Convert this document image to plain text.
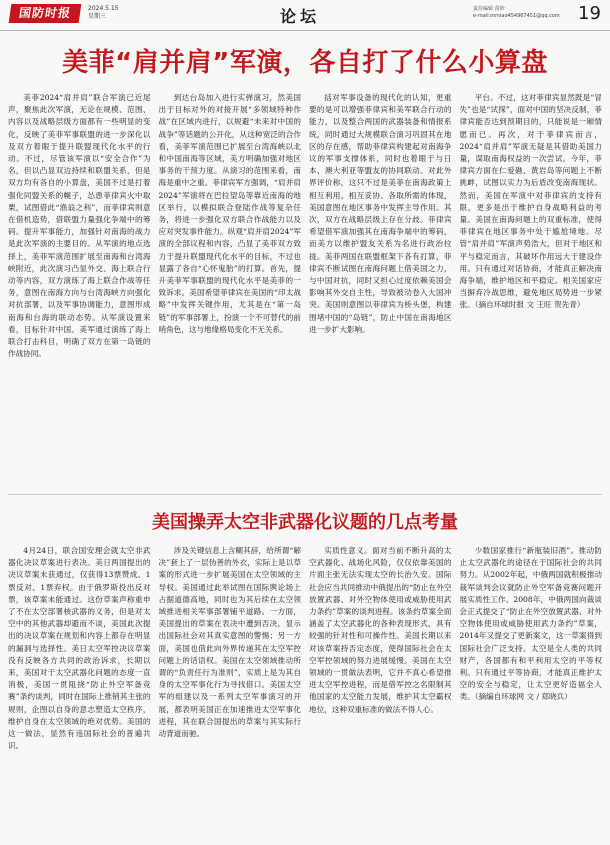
国防时报	2024.5.15
星期三	论坛	责任编辑 苗妙
e-mail:mmiao454967451@qq.com 19
美菲“肩并肩”军演，各自打了什么小算盘

美菲2024“肩并肩”联合军演已近尾声，聚焦此次军演，无论在规模、范围、内容以及战略层级方面都有一些明显的变化，反映了美菲军事联盟的进一步深化以及双方着眼于提升联盟现代化水平的行动。不过，尽管该军演以“安全合作”为名，但以凸显双边持续和联盟关系，但是双方均有各自的小算盘，美国不过是打着强化同盟关系的幌子，怂恿菲律宾火中取栗，试图借此“渔翁之利”，而菲律宾则意在借机造势，借联盟力量强化争端中的筹码。提升军事能力，加强针对南海的战力是此次军演的主要目的。从军演的地点选择上，美菲军演范围扩展至南海和台湾海峡附近，此次演习凸显外交、海上联合行动等内容，双方演练了海上联合作战等任务，意图在南海方向与台湾海峡方向强化对抗部署，以及军事协调能力，意图形成南海和台海的联动态势。从军演设置来看，目标针对中国。美军通过演练了海上联合打击科目，明确了双方在第一岛链的作战协同。

到达台岛加入进行实弹演习，然美国出于目标对外的对接开展“多领域特种作战”在区域内进行，以规避“未来对中国的战争”等话题的公开化，从这种宽泛的合作看，美菲军演范围已扩展至台湾海峡以北和中国南海等区域，美方明确加强对地区事务的干预力度。从演习的范围来看，南海是重中之重。菲律宾军方强调，“肩并肩2024”军演将在巴拉望岛等靠近南海的地区举行，以模拟联合登陆作战等复杂任务，将进一步强化双方联合作战能力以及应对突发事件能力。纵观“肩并肩2024”军演的全部议程和内容，凸显了美菲双方致力于提升联盟现代化水平的目标，不过也显露了各自“心怀鬼胎”的打算。首先，提升美菲军事联盟的现代化水平是美菲的一致诉求。美国希望菲律宾在美国的“印太战略”中发挥关键作用，尤其是在“第一岛链”的军事部署上，扮演一个不可替代的前哨角色，这与地缘格局变化不无关系。

括对军事设备的现代化的认知，更重要的是可以增强菲律宾和美军联合行动的能力，以及整合两国的武器装备和情报系统，同时通过大规模联合演习巩固其在地区的存在感，帮助菲律宾构建起对南海争议的军事支撑体系，同时也着眼于与日本、澳大利亚等盟友的协同联动。对此外界评价称，这只不过是美菲在南海政策上相互利用、相互妥协、各取所需的体现，美国意图在地区事务中发挥主导作用。其次，双方在战略层级上存在分歧。菲律宾希望借军演加强其在南海争端中的筹码，而美方以维护盟友关系为名进行政治拉拢。美菲两国在联盟框架下各有打算，菲律宾不断试图在南海问题上借美国之力，与中国对抗，同时又担心过度依赖美国会影响其外交自主性，导致被动卷入大国冲突。美国则意图以菲律宾为桥头堡，构建围堵中国的“岛链”，防止中国在南海地区进一步扩大影响。

平台。不过，这对菲律宾显然既是“冒失”也是“试探”，面对中国的坚决反制，菲律宾能否达到预期目的，只能说是一厢情愿而已。再次，对于菲律宾而言，2024“肩并肩”军演无疑是其借助美国力量，谋取南海权益的一次尝试。今年，菲律宾方面在仁爱礁、黄岩岛等问题上不断挑衅，试图以实力为后盾改变南海现状。然而，美国在军演中对菲律宾的支持有限，更多是出于维护自身战略利益的考量。美国在南海问题上的双重标准，使得菲律宾在地区事务中处于尴尬境地。尽管“肩并肩”军演声势浩大，但对于地区和平与稳定而言，其破坏作用远大于建设作用。只有通过对话协商，才能真正解决南海争端，维护地区和平稳定。相关国家应当摒弃冷战思维，避免地区局势进一步紧张。（摘自环球时报 文 王旺 贺先青）

美国操弄太空非武器化议题的几点考量

4月24日，联合国安理会就太空非武器化决议草案进行表决。美日两国提出的决议草案未获通过，仅获得13票赞成、1票反对、1票弃权。由于俄罗斯投出反对票，该草案未能通过。这份草案声称重申了不在太空部署核武器的义务，但是对太空中的其他武器却避而不谈，美国此次提出的决议草案在规划和内容上都存在明显的漏洞与选择性。美日太空军控决议草案没有反映各方共同的政治诉求，长期以来，美国对于太空武器化问题的态度一直消极，美国一贯阻挠“防止外空军备竞赛”条约谈判，同时在国际上推销其主张的规则，企图以自身的意志塑造太空秩序，维护自身在太空领域的绝对优势。美国的这一做法，显然有违国际社会的普遍共识。

涉及关键信息上含糊其辞，给所谓“解决”套上了一层伪善的外衣，实际上是以草案的形式进一步扩展美国在太空领域的主导权。美国通过此举试图在国际舆论场上占据道德高地，同时也为其后续在太空领域推进相关军事部署铺平道路。一方面，美国提出的草案在表决中遭到否决，显示出国际社会对其真实意图的警惕；另一方面，美国也借此向外界传递其在太空军控问题上的话语权。美国在太空领域推动所谓的“负责任行为准则”，实质上是为其自身的太空军事化行为寻找借口。美国太空军的组建以及一系列太空军事演习的开展，都表明美国正在加速推进太空军事化进程，其在联合国提出的草案与其实际行动背道而驰。

实质性意义。面对当前不断升高的太空武器化、战场化风险，仅仅依靠美国的片面主张无法实现太空的长治久安。国际社会应当共同推动中俄提出的“防止在外空放置武器、对外空物体使用或威胁使用武力条约”草案的谈判进程。该条约草案全面涵盖了太空武器化的各种表现形式，具有较强的针对性和可操作性。美国长期以来对该草案持否定态度，使得国际社会在太空军控领域的努力进展缓慢。美国在太空领域的一贯做法表明，它并不真心希望推进太空军控进程，而是借军控之名限制其他国家的太空能力发展，维护其太空霸权地位，这种双重标准的做法不得人心。

少数国家推行“新瓶装旧酒”。推动防止太空武器化的途径在于国际社会的共同努力。从2002年起，中俄两国就积极推动裁军谈判会议就防止外空军备竞赛问题开展实质性工作。2008年，中俄两国向裁谈会正式提交了“防止在外空放置武器、对外空物体使用或威胁使用武力条约”草案，2014年又提交了更新案文，这一草案得到国际社会广泛支持。太空是全人类的共同财产，各国都有和平利用太空的平等权利。只有通过平等协商，才能真正维护太空的安全与稳定，让太空更好造福全人类。（摘编自环球网 文 / 郑晓兵）
